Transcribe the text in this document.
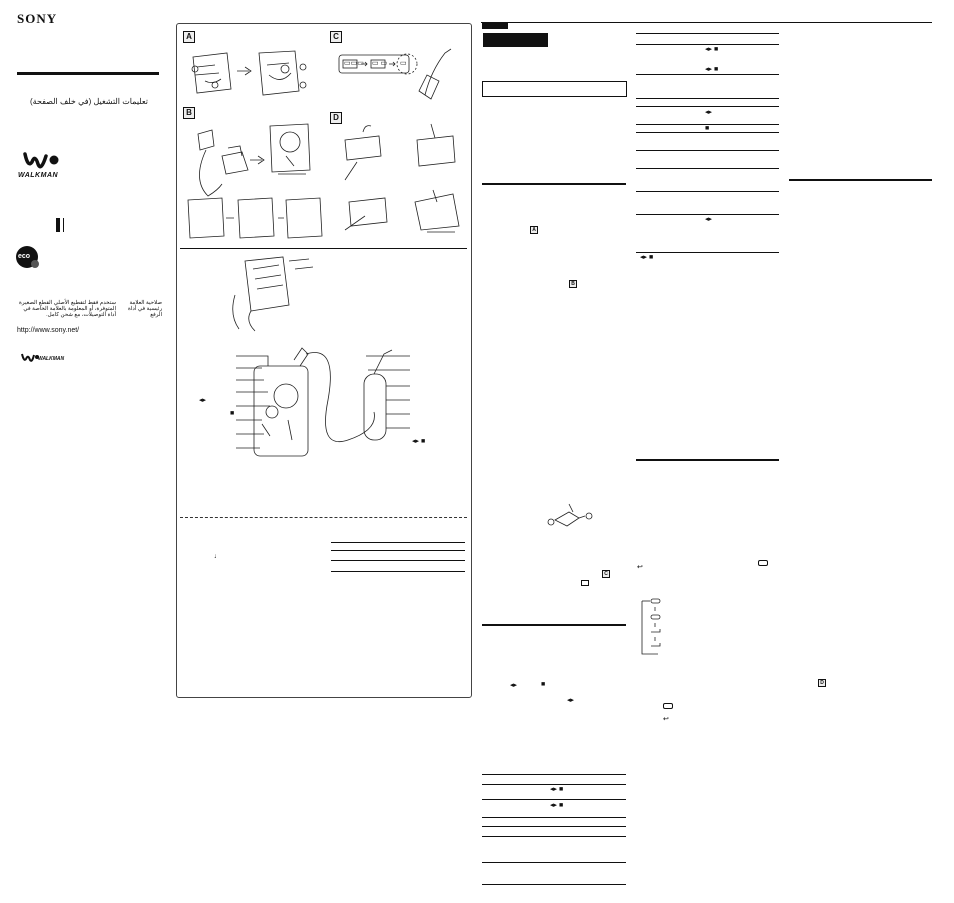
SONY
تعليمات التشغيل (في خلف الصفحة)
WALKMAN
eco
ستخدم فقط لتقطيع الأصلي القطع الصغيرة المتوفرة، أو المعلومة بالعلامة الخاصة في أداة التوصيلات، مع شحن كامل.
صلاحية العلامة رئيسية في أداة الرفع
http://www.sony.net/
WALKMAN
A	C
B
D
▭▭▭ ▭ ▭ ▭
◂▸
■
◂▸ ■
♩
A
B
C
◂▸	■
◂▸
◂▸ ■
◂▸ ■
◂▸ ■
◂▸ ■
◂▸
■
◂▸
◂▸ ■
↩
↩
D
